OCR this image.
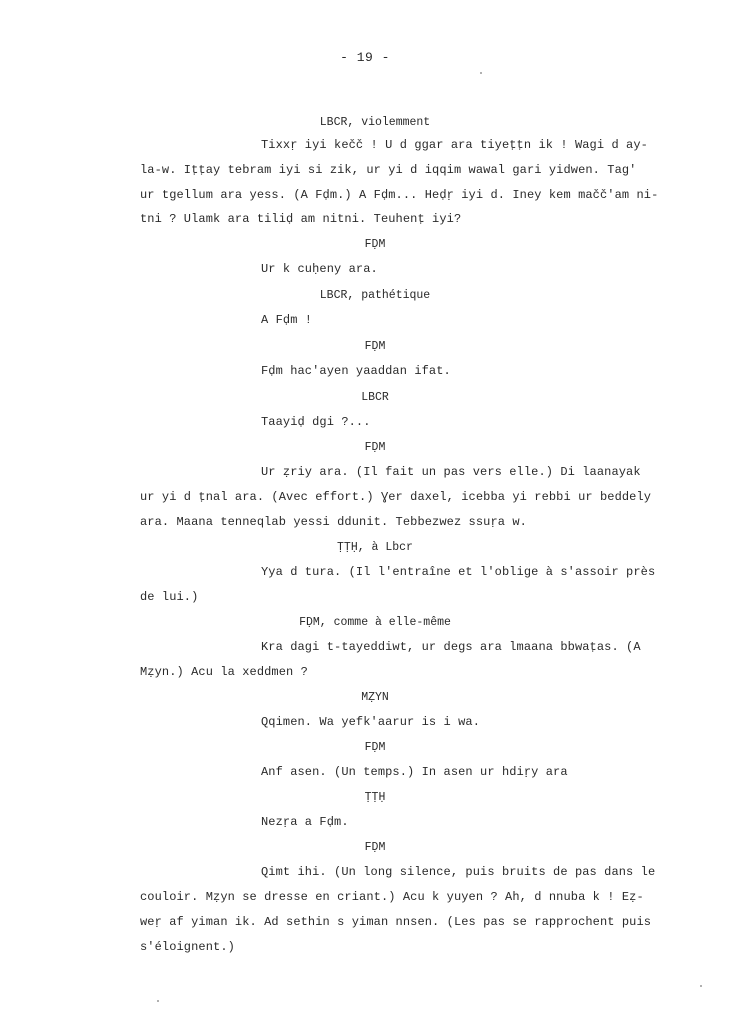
- 19 -
LBCR, violemment
Tixxṛ iyi kečč ! U d ggar ara tiyeṭṭn ik ! Wagi d ay-
la-w. Iṭṭay tebram iyi si zik, ur yi d iqqim wawal gari yidwen. Tag'
ur tgellum ara yess. (A Fḍm.) A Fḍm... Heḍṛ iyi d. Iney kem mačč'am ni-
tni ? Ulamk ara tiliḍ am nitni. Teuhenṭ iyi?
FḌM
Ur k cuḥeny ara.
LBCR, pathétique
A Fḍm !
FḌM
Fḍm hac'ayen yaaddan ifat.
LBCR
Taayiḍ dgi ?...
FḌM
Ur ẓriy ara. (Il fait un pas vers elle.) Di laanayak
ur yi d ṭnal ara. (Avec effort.) Ɣer daxel, icebba yi rebbi ur beddely
ara. Maana tenneqlab yessi ddunit. Tebbezwez ssuṛa w.
ṬṬḤ, à Lbcr
Yya d tura. (Il l'entraîne et l'oblige à s'assoir près
de lui.)
FḌM, comme à elle-même
Kra dagi t-tayeddiwt, ur degs ara lmaana bbwaṭas. (A
Mẓyn.) Acu la xeddmen ?
MẒYN
Qqimen. Wa yefk'aarur is i wa.
FḌM
Anf asen. (Un temps.) In asen ur hdiṛy ara
ṬṬḤ
Nezṛa a Fḍm.
FḌM
Qimt ihi. (Un long silence, puis bruits de pas dans le
couloir. Mẓyn se dresse en criant.) Acu k yuyen ? Ah, d nnuba k ! Eẓ-
weṛ af yiman ik. Ad sethin s yiman nnsen. (Les pas se rapprochent puis
s'éloignent.)
